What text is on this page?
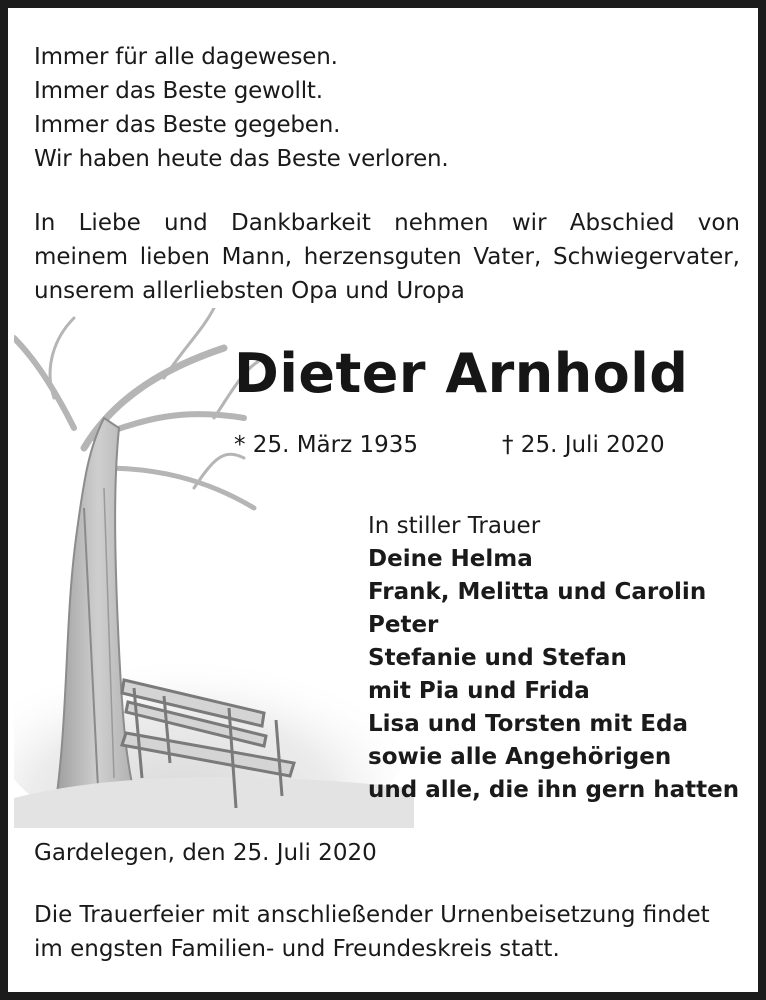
Immer für alle dagewesen.
Immer das Beste gewollt.
Immer das Beste gegeben.
Wir haben heute das Beste verloren.
In Liebe und Dankbarkeit nehmen wir Abschied von
meinem lieben Mann, herzensguten Vater, Schwiegervater,
unserem allerliebsten Opa und Uropa
Dieter Arnhold
* 25. März 1935	† 25. Juli 2020
In stiller Trauer
Deine Helma
Frank, Melitta und Carolin
Peter
Stefanie und Stefan
mit Pia und Frida
Lisa und Torsten mit Eda
sowie alle Angehörigen
und alle, die ihn gern hatten
Gardelegen, den 25. Juli 2020
Die Trauerfeier mit anschließender Urnenbeisetzung findet
im engsten Familien- und Freundeskreis statt.
